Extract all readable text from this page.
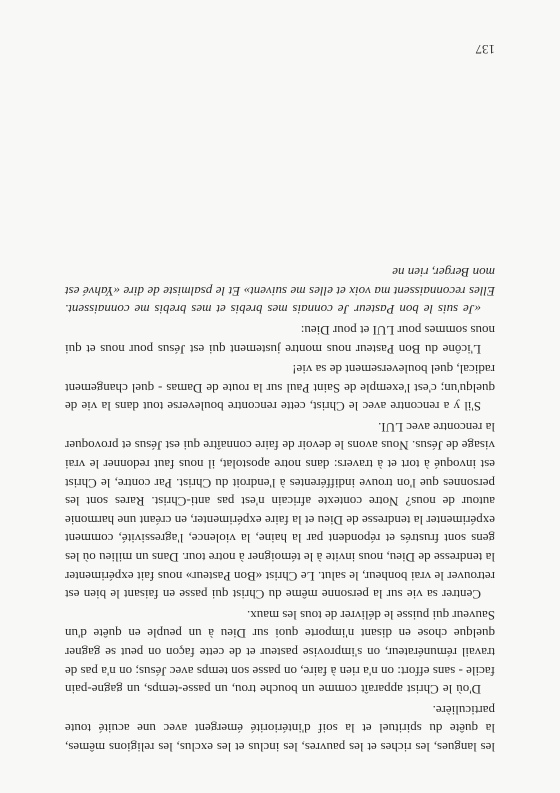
les langues, les riches et les pauvres, les inclus et les exclus, les religions mêmes, la quête du spirituel et la soif d'intériorité émergent avec une acuité toute particulière.

D'où le Christ apparaît comme un bouche trou, un passe-temps, un gagne-pain facile - sans effort: on n'a rien à faire, on passe son temps avec Jésus; on n'a pas de travail rémunérateur, on s'improvise pasteur et de cette façon on peut se gagner quelque chose en disant n'importe quoi sur Dieu à un peuple en quête d'un Sauveur qui puisse le délivrer de tous les maux.

Centrer sa vie sur la personne même du Christ qui passe en faisant le bien est retrouver le vrai bonheur, le salut. Le Christ «Bon Pasteur» nous fait expérimenter la tendresse de Dieu, nous invite à le témoigner à notre tour. Dans un milieu où les gens sont frustrés et répondent par la haine, la violence, l'agressivité, comment expérimenter la tendresse de Dieu et la faire expérimenter, en créant une harmonie autour de nous? Notre contexte africain n'est pas anti-Christ. Rares sont les personnes que l'on trouve indifférentes à l'endroit du Christ. Par contre, le Christ est invoqué à tort et à travers: dans notre apostolat, il nous faut redonner le vrai visage de Jésus. Nous avons le devoir de faire connaître qui est Jésus et provoquer la rencontre avec LUI.

S'il y a rencontre avec le Christ, cette rencontre bouleverse tout dans la vie de quelqu'un; c'est l'exemple de Saint Paul sur la route de Damas - quel changement radical, quel bouleversement de sa vie!

L'icône du Bon Pasteur nous montre justement qui est Jésus pour nous et qui nous sommes pour LUI et pour Dieu:

«Je suis le bon Pasteur Je connais mes brebis et mes brebis me connaissent. Elles reconnaissent ma voix et elles me suivent» Et le psalmiste de dire «Yahvé est mon Berger, rien ne

137
